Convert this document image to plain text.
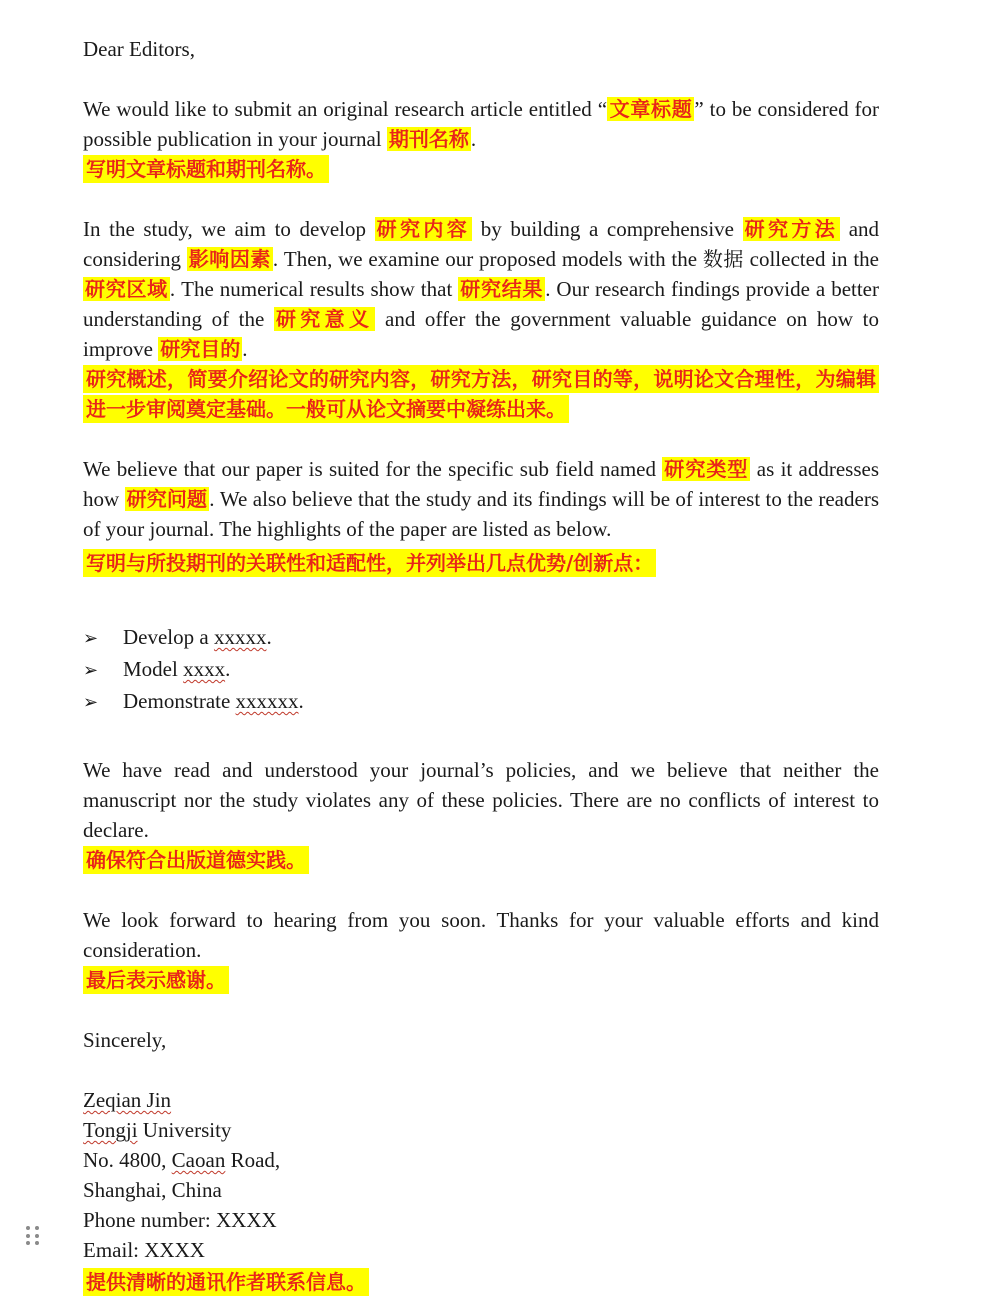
Dear Editors,

We would like to submit an original research article entitled “ 文章标题” to be considered for possible publication in your journal 期刊名称.

写明文章标题和期刊名称。

In the study, we aim to develop 研究内容 by building a comprehensive 研究方法 and considering 影响因素. Then, we examine our proposed models with the 数据 collected in the 研究区域. The numerical results show that 研究结果. Our research findings provide a better understanding of the 研究意义 and offer the government valuable guidance on how to improve 研究目的.

研究概述，简要介绍论文的研究内容，研究方法，研究目的等，说明论文合理性，为编辑进一步审阅奠定基础。一般可从论文摘要中凝练出来。

We believe that our paper is suited for the specific sub field named 研究类型 as it addresses how 研究问题. We also believe that the study and its findings will be of interest to the readers of your journal. The highlights of the paper are listed as below.

写明与所投期刊的关联性和适配性，并列举出几点优势/创新点：

➢	Develop a xxxxx.
➢	Model xxxx.
➢	Demonstrate xxxxxx.

We have read and understood your journal’s policies, and we believe that neither the manuscript nor the study violates any of these policies. There are no conflicts of interest to declare.

确保符合出版道德实践。

We look forward to hearing from you soon. Thanks for your valuable efforts and kind consideration.

最后表示感谢。

Sincerely,

Zeqian Jin

Tongji University

No. 4800, Caoan Road,

Shanghai, China

Phone number: XXXX

Email: XXXX

提供清晰的通讯作者联系信息。
